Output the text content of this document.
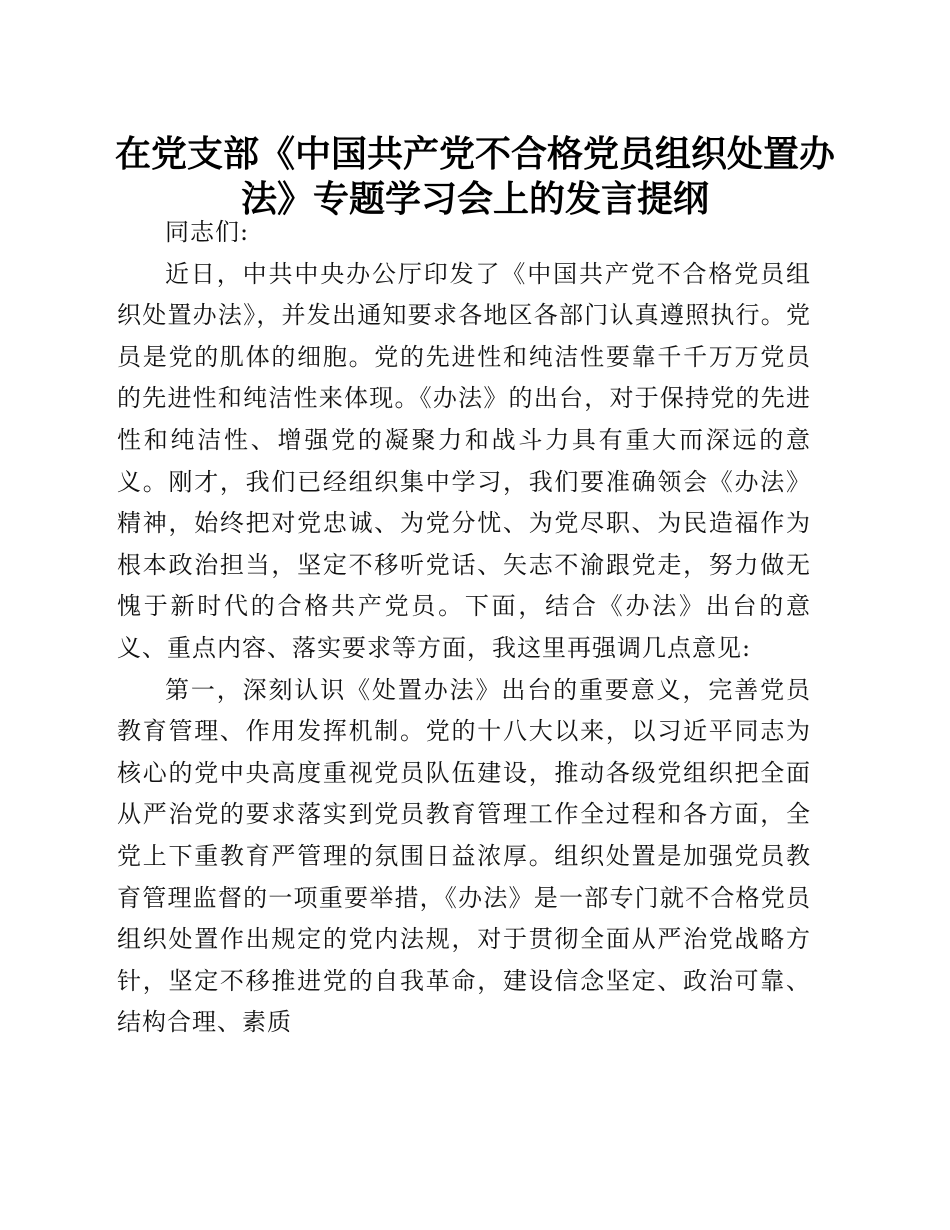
在党支部《中国共产党不合格党员组织处置办
法》专题学习会上的发言提纲

同志们:

近日，中共中央办公厅印发了《中国共产党不合格党员组织处置办法》，并发出通知要求各地区各部门认真遵照执行。党员是党的肌体的细胞。党的先进性和纯洁性要靠千千万万党员的先进性和纯洁性来体现。《办法》的出台，对于保持党的先进性和纯洁性、增强党的凝聚力和战斗力具有重大而深远的意义。刚才，我们已经组织集中学习，我们要准确领会《办法》精神，始终把对党忠诚、为党分忧、为党尽职、为民造福作为根本政治担当，坚定不移听党话、矢志不渝跟党走，努力做无愧于新时代的合格共产党员。下面，结合《办法》出台的意义、重点内容、落实要求等方面，我这里再强调几点意见:

第一，深刻认识《处置办法》出台的重要意义，完善党员教育管理、作用发挥机制。党的十八大以来，以习近平同志为核心的党中央高度重视党员队伍建设，推动各级党组织把全面从严治党的要求落实到党员教育管理工作全过程和各方面，全党上下重教育严管理的氛围日益浓厚。组织处置是加强党员教育管理监督的一项重要举措，《办法》是一部专门就不合格党员组织处置作出规定的党内法规，对于贯彻全面从严治党战略方针，坚定不移推进党的自我革命，建设信念坚定、政治可靠、结构合理、素质
